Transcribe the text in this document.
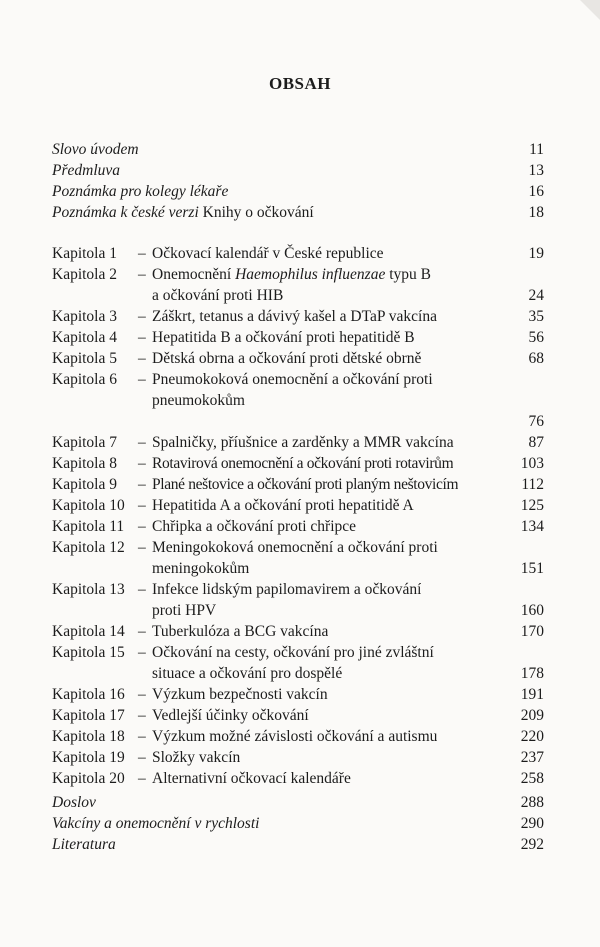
OBSAH
Slovo úvodem	11
Předmluva	13
Poznámka pro kolegy lékaře	16
Poznámka k české verzi Knihy o očkování	18
Kapitola 1	– Očkovací kalendář v České republice	19
Kapitola 2	– Onemocnění Haemophilus influenzae typu B
a očkování proti HIB	24
Kapitola 3	– Záškrt, tetanus a dávivý kašel a DTaP vakcína	35
Kapitola 4	– Hepatitida B a očkování proti hepatitidě B	56
Kapitola 5	– Dětská obrna a očkování proti dětské obrně	68
Kapitola 6	– Pneumokoková onemocnění a očkování proti
pneumokokům
76
Kapitola 7	– Spalničky, příušnice a zarděnky a MMR vakcína	87
Kapitola 8	– Rotavirová onemocnění a očkování proti rotavirům	103
Kapitola 9	– Plané neštovice a očkování proti planým neštovicím	112
Kapitola 10 – Hepatitida A a očkování proti hepatitidě A	125
Kapitola 11 – Chřipka a očkování proti chřipce	134
Kapitola 12 – Meningokoková onemocnění a očkování proti
meningokokům	151
Kapitola 13 – Infekce lidským papilomavirem a očkování
proti HPV	160
Kapitola 14 – Tuberkulóza a BCG vakcína	170
Kapitola 15 – Očkování na cesty, očkování pro jiné zvláštní
situace a očkování pro dospělé	178
Kapitola 16 – Výzkum bezpečnosti vakcín	191
Kapitola 17 – Vedlejší účinky očkování	209
Kapitola 18 – Výzkum možné závislosti očkování a autismu	220
Kapitola 19 – Složky vakcín	237
Kapitola 20 – Alternativní očkovací kalendáře	258
Doslov	288
Vakcíny a onemocnění v rychlosti	290
Literatura	292
